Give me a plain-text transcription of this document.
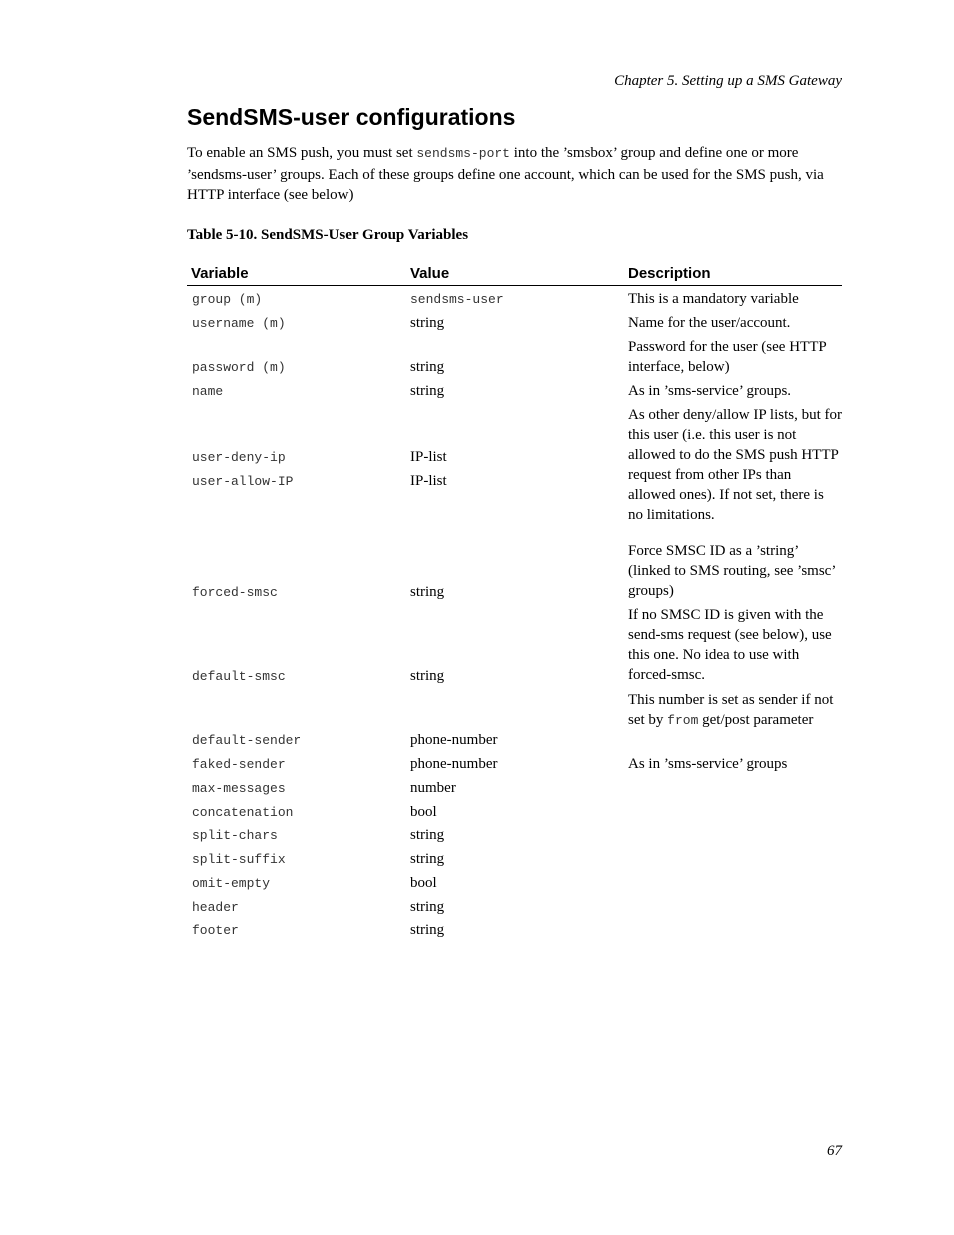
Chapter 5. Setting up a SMS Gateway
SendSMS-user configurations

To enable an SMS push, you must set sendsms-port into the ’smsbox’ group and define one or more ’sendsms-user’ groups. Each of these groups define one account, which can be used for the SMS push, via HTTP interface (see below)

Table 5-10. SendSMS-User Group Variables

Variable	Value	Description
group (m)
username (m)
password (m)
name
user-deny-ip
user-allow-IP
forced-smsc
default-smsc
default-sender
faked-sender
max-messages
concatenation
split-chars
split-suffix
omit-empty
header
footer
sendsms-user
string
string
string
IP-list
IP-list
string
string
phone-number
phone-number
number
bool
string
string
bool
string
string
This is a mandatory variable
Name for the user/account.
Password for the user (see HTTP interface, below)
As in ’sms-service’ groups.
As other deny/allow IP lists, but for this user (i.e. this user is not allowed to do the SMS push HTTP request from other IPs than allowed ones). If not set, there is no limitations.
Force SMSC ID as a ’string’ (linked to SMS routing, see ’smsc’ groups)
If no SMSC ID is given with the send-sms request (see below), use this one. No idea to use with forced-smsc.
This number is set as sender if not set by from get/post parameter
As in ’sms-service’ groups
67
